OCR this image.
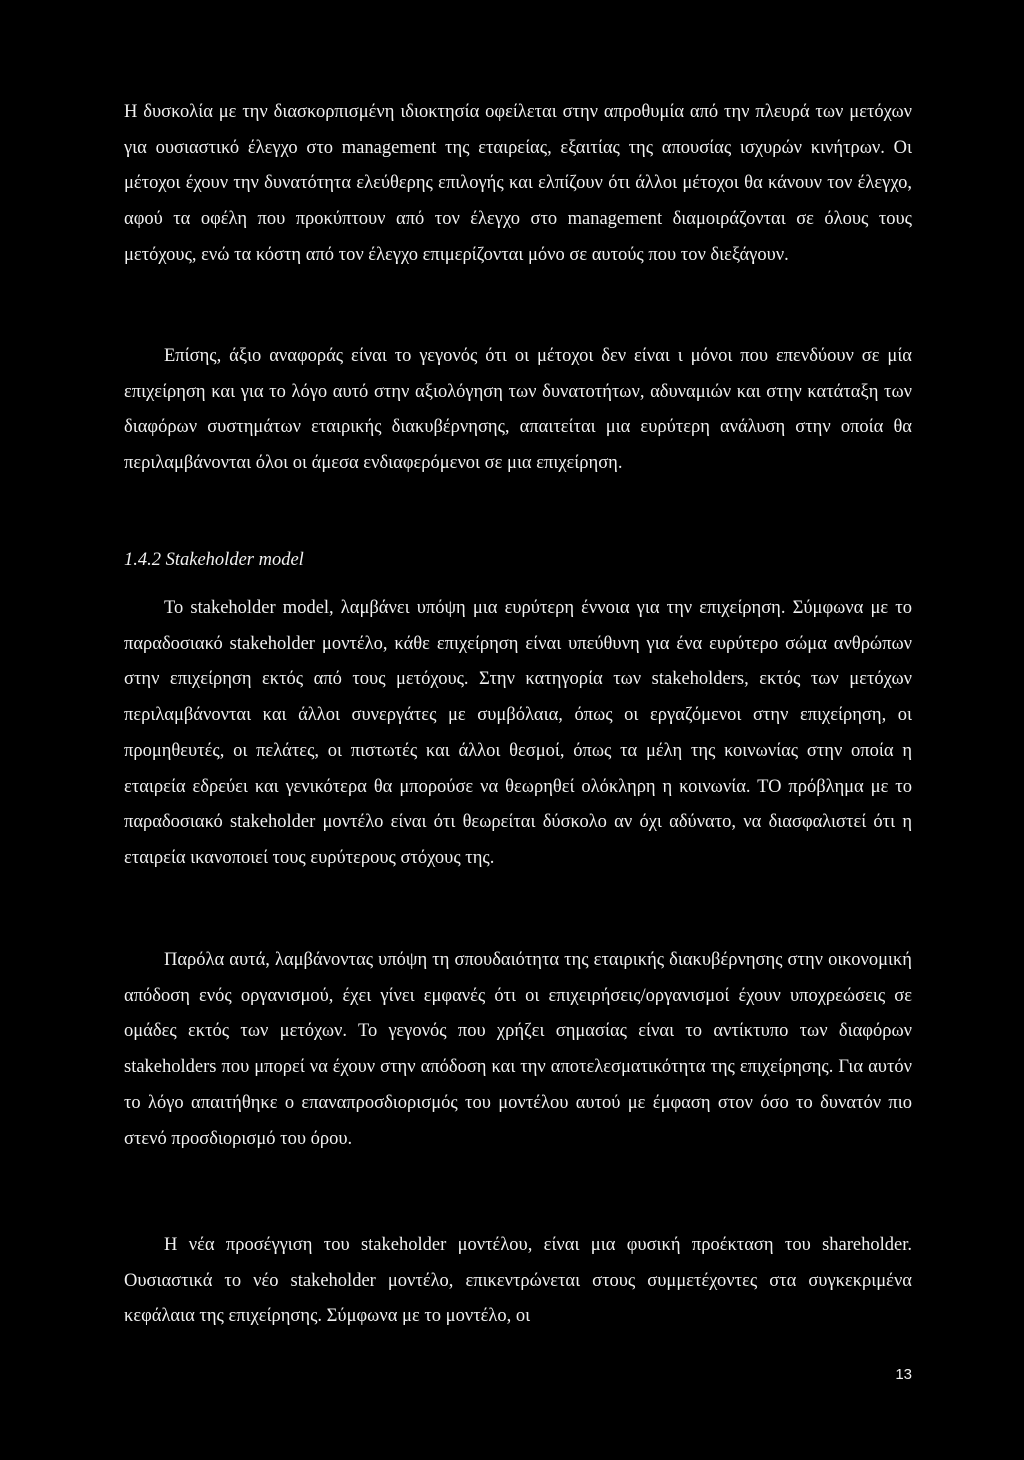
Η δυσκολία με την διασκορπισμένη ιδιοκτησία οφείλεται στην απροθυμία από την πλευρά των μετόχων για ουσιαστικό έλεγχο στο management της εταιρείας, εξαιτίας της απουσίας ισχυρών κινήτρων. Οι μέτοχοι έχουν την δυνατότητα ελεύθερης επιλογής και ελπίζουν ότι άλλοι μέτοχοι θα κάνουν τον έλεγχο, αφού τα οφέλη που προκύπτουν από τον έλεγχο στο management διαμοιράζονται σε όλους τους μετόχους, ενώ τα κόστη από τον έλεγχο επιμερίζονται μόνο σε αυτούς που τον διεξάγουν.

Επίσης, άξιο αναφοράς είναι το γεγονός ότι οι μέτοχοι δεν είναι ι μόνοι που επενδύουν σε μία επιχείρηση και για το λόγο αυτό στην αξιολόγηση των δυνατοτήτων, αδυναμιών και στην κατάταξη των διαφόρων συστημάτων εταιρικής διακυβέρνησης, απαιτείται μια ευρύτερη ανάλυση στην οποία θα περιλαμβάνονται όλοι οι άμεσα ενδιαφερόμενοι σε μια επιχείρηση.

1.4.2 Stakeholder model

Το stakeholder model, λαμβάνει υπόψη μια ευρύτερη έννοια για την επιχείρηση. Σύμφωνα με το παραδοσιακό stakeholder μοντέλο, κάθε επιχείρηση είναι υπεύθυνη για ένα ευρύτερο σώμα ανθρώπων στην επιχείρηση εκτός από τους μετόχους. Στην κατηγορία των stakeholders, εκτός των μετόχων περιλαμβάνονται και άλλοι συνεργάτες με συμβόλαια, όπως οι εργαζόμενοι στην επιχείρηση, οι προμηθευτές, οι πελάτες, οι πιστωτές και άλλοι θεσμοί, όπως τα μέλη της κοινωνίας στην οποία η εταιρεία εδρεύει και γενικότερα θα μπορούσε να θεωρηθεί ολόκληρη η κοινωνία. ΤΟ πρόβλημα με το παραδοσιακό stakeholder μοντέλο είναι ότι θεωρείται δύσκολο αν όχι αδύνατο, να διασφαλιστεί ότι η εταιρεία ικανοποιεί τους ευρύτερους στόχους της.

Παρόλα αυτά, λαμβάνοντας υπόψη τη σπουδαιότητα της εταιρικής διακυβέρνησης στην οικονομική απόδοση ενός οργανισμού, έχει γίνει εμφανές ότι οι επιχειρήσεις/οργανισμοί έχουν υποχρεώσεις σε ομάδες εκτός των μετόχων. Το γεγονός που χρήζει σημασίας είναι το αντίκτυπο των διαφόρων stakeholders που μπορεί να έχουν στην απόδοση και την αποτελεσματικότητα της επιχείρησης. Για αυτόν το λόγο απαιτήθηκε ο επαναπροσδιορισμός του μοντέλου αυτού με έμφαση στον όσο το δυνατόν πιο στενό προσδιορισμό του όρου.

Η νέα προσέγγιση του stakeholder μοντέλου, είναι μια φυσική προέκταση του shareholder. Ουσιαστικά το νέο stakeholder μοντέλο, επικεντρώνεται στους συμμετέχοντες στα συγκεκριμένα κεφάλαια της επιχείρησης. Σύμφωνα με το μοντέλο, οι

13
